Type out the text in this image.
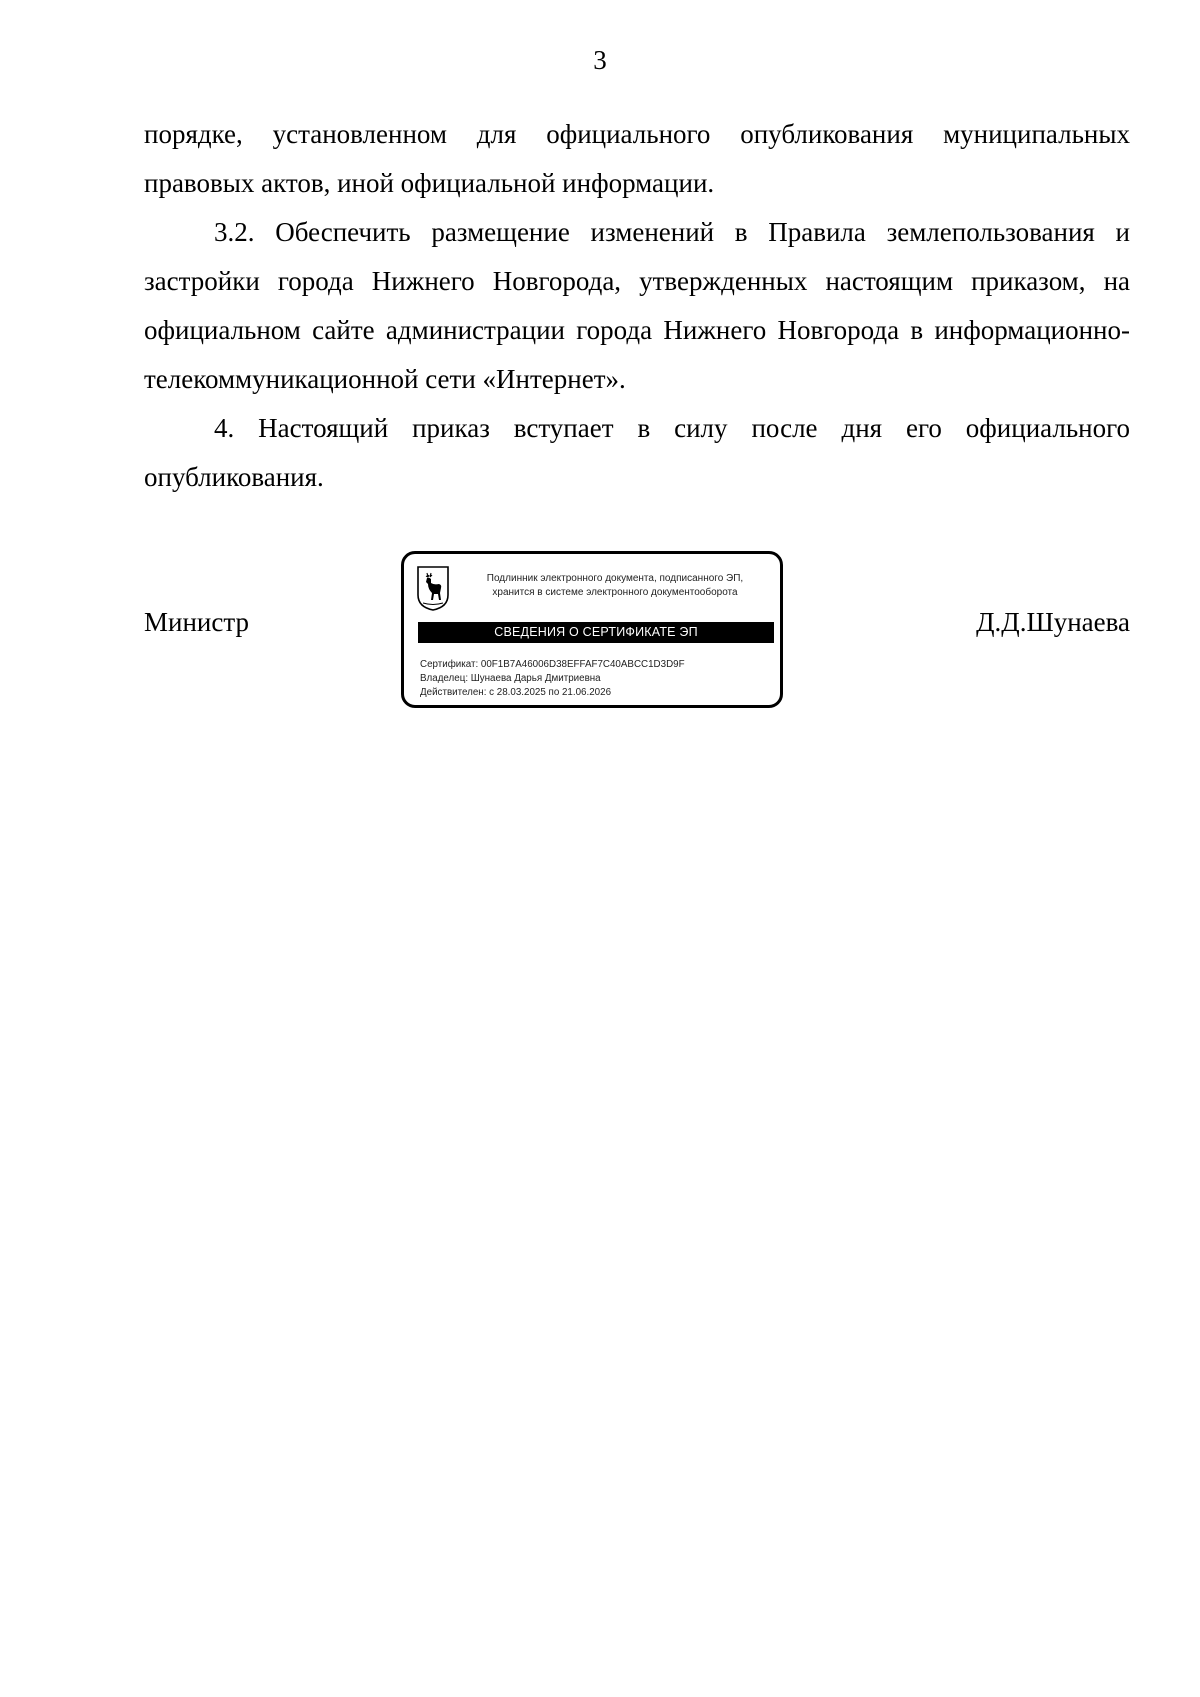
3

порядке, установленном для официального опубликования муниципальных правовых актов, иной официальной информации.

3.2. Обеспечить размещение изменений в Правила землепользования и застройки города Нижнего Новгорода, утвержденных настоящим приказом, на официальном сайте администрации города Нижнего Новгорода в информационно-телекоммуникационной сети «Интернет».

4. Настоящий приказ вступает в силу после дня его официального опубликования.

Министр	Д.Д.Шунаева
Подлинник электронного документа, подписанного ЭП,
хранится в системе электронного документооборота
СВЕДЕНИЯ О СЕРТИФИКАТЕ ЭП
Сертификат: 00F1B7A46006D38EFFAF7C40ABCC1D3D9F
Владелец: Шунаева Дарья Дмитриевна
Действителен: с 28.03.2025 по 21.06.2026
